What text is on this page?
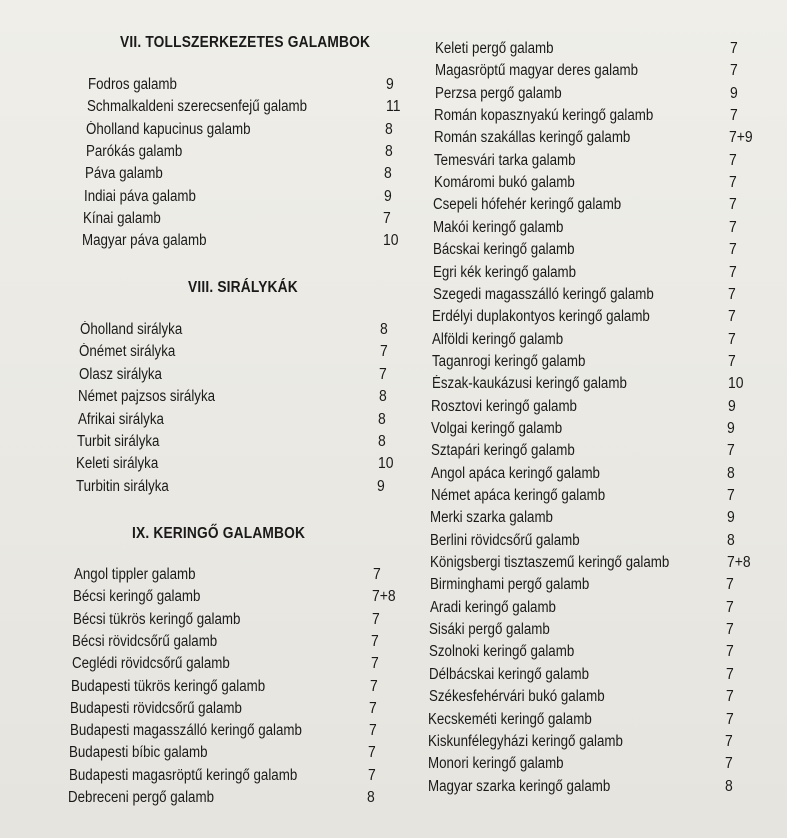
VII. TOLLSZERKEZETES GALAMBOK
Fodros galamb	9
Schmalkaldeni szerecsenfejű galamb	11
Óholland kapucinus galamb	8
Parókás galamb	8
Páva galamb	8
Indiai páva galamb	9
Kínai galamb	7
Magyar páva galamb	10
VIII. SIRÁLYKÁK
Óholland sirályka	8
Ónémet sirályka	7
Olasz sirályka	7
Német pajzsos sirályka	8
Afrikai sirályka	8
Turbit sirályka	8
Keleti sirályka	10
Turbitin sirályka	9
IX. KERINGŐ GALAMBOK
Angol tippler galamb	7
Bécsi keringő galamb	7+8
Bécsi tükrös keringő galamb	7
Bécsi rövidcsőrű galamb	7
Ceglédi rövidcsőrű galamb	7
Budapesti tükrös keringő galamb	7
Budapesti rövidcsőrű galamb	7
Budapesti magasszálló keringő galamb	7
Budapesti bíbic galamb	7
Budapesti magasröptű keringő galamb	7
Debreceni pergő galamb	8
Keleti pergő galamb	7
Magasröptű magyar deres galamb	7
Perzsa pergő galamb	9
Román kopasznyakú keringő galamb	7
Román szakállas keringő galamb	7+9
Temesvári tarka galamb	7
Komáromi bukó galamb	7
Csepeli hófehér keringő galamb	7
Makói keringő galamb	7
Bácskai keringő galamb	7
Egri kék keringő galamb	7
Szegedi magasszálló keringő galamb	7
Erdélyi duplakontyos keringő galamb	7
Alföldi keringő galamb	7
Taganrogi keringő galamb	7
Észak-kaukázusi keringő galamb	10
Rosztovi keringő galamb	9
Volgai keringő galamb	9
Sztapári keringő galamb	7
Angol apáca keringő galamb	8
Német apáca keringő galamb	7
Merki szarka galamb	9
Berlini rövidcsőrű galamb	8
Königsbergi tisztaszemű keringő galamb	7+8
Birminghami pergő galamb	7
Aradi keringő galamb	7
Sisáki pergő galamb	7
Szolnoki keringő galamb	7
Délbácskai keringő galamb	7
Székesfehérvári bukó galamb	7
Kecskeméti keringő galamb	7
Kiskunfélegyházi keringő galamb	7
Monori keringő galamb	7
Magyar szarka keringő galamb	8
